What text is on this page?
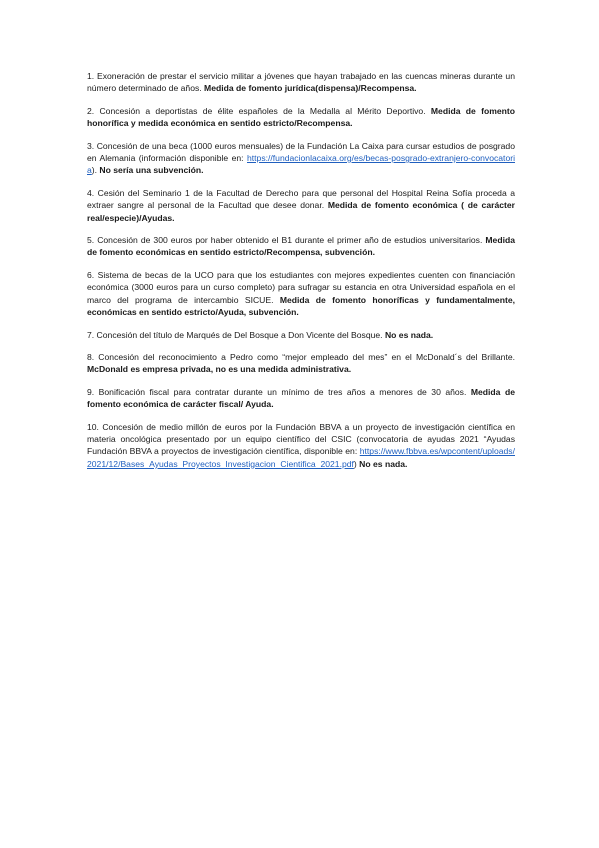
1. Exoneración de prestar el servicio militar a jóvenes que hayan trabajado en las cuencas mineras durante un número determinado de años. Medida de fomento jurídica(dispensa)/Recompensa.

2. Concesión a deportistas de élite españoles de la Medalla al Mérito Deportivo. Medida de fomento honorífica y medida económica en sentido estricto/Recompensa.

3. Concesión de una beca (1000 euros mensuales) de la Fundación La Caixa para cursar estudios de posgrado en Alemania (información disponible en: https://fundacionlacaixa.org/es/becas-posgrado-extranjero-convocatoria). No sería una subvención.

4. Cesión del Seminario 1 de la Facultad de Derecho para que personal del Hospital Reina Sofía proceda a extraer sangre al personal de la Facultad que desee donar. Medida de fomento económica ( de carácter real/especie)/Ayudas.

5. Concesión de 300 euros por haber obtenido el B1 durante el primer año de estudios universitarios. Medida de fomento económicas en sentido estricto/Recompensa, subvención.

6. Sistema de becas de la UCO para que los estudiantes con mejores expedientes cuenten con financiación económica (3000 euros para un curso completo) para sufragar su estancia en otra Universidad española en el marco del programa de intercambio SICUE. Medida de fomento honoríficas y fundamentalmente, económicas en sentido estricto/Ayuda, subvención.

7. Concesión del título de Marqués de Del Bosque a Don Vicente del Bosque. No es nada.

8. Concesión del reconocimiento a Pedro como “mejor empleado del mes” en el McDonald´s del Brillante. McDonald es empresa privada, no es una medida administrativa.

9. Bonificación fiscal para contratar durante un mínimo de tres años a menores de 30 años. Medida de fomento económica de carácter fiscal/ Ayuda.

10. Concesión de medio millón de euros por la Fundación BBVA a un proyecto de investigación científica en materia oncológica presentado por un equipo científico del CSIC (convocatoria de ayudas 2021 “Ayudas Fundación BBVA a proyectos de investigación científica, disponible en: https://www.fbbva.es/wpcontent/uploads/2021/12/Bases_Ayudas_Proyectos_Investigacion_Cientifica_2021.pdf) No es nada.
